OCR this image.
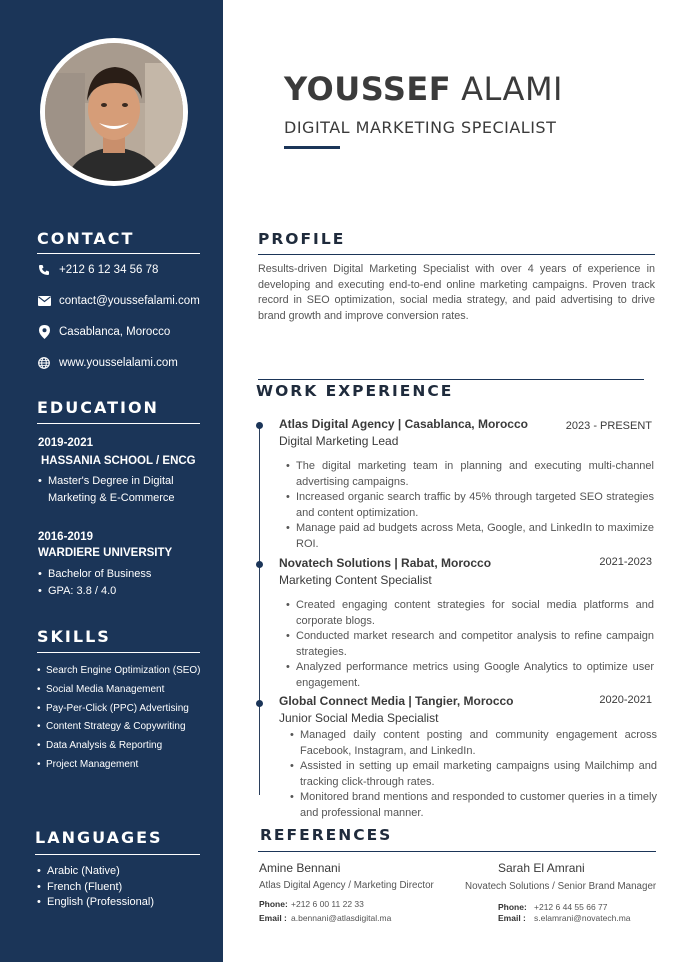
CONTACT
+212 6 12 34 56 78
contact@youssefalami.com
Casablanca, Morocco
www.yousselalami.com
EDUCATION
2019-2021
HASSANIA SCHOOL / ENCG
• Master's Degree in Digital Marketing & E-Commerce
2016-2019
WARDIERE UNIVERSITY
• Bachelor of Business
• GPA: 3.8 / 4.0
SKILLS
• Search Engine Optimization (SEO)
• Social Media Management
• Pay-Per-Click (PPC) Advertising
• Content Strategy & Copywriting
• Data Analysis & Reporting
• Project Management
LANGUAGES
• Arabic (Native)
• French (Fluent)
• English (Professional)
YOUSSEF ALAMI
DIGITAL MARKETING SPECIALIST
PROFILE
Results-driven Digital Marketing Specialist with over 4 years of experience in developing and executing end-to-end online marketing campaigns. Proven track record in SEO optimization, social media strategy, and paid advertising to drive brand growth and improve conversion rates.
WORK EXPERIENCE
Atlas Digital Agency | Casablanca, Morocco	2023 - PRESENT
Digital Marketing Lead
• The digital marketing team in planning and executing multi-channel advertising campaigns.
• Increased organic search traffic by 45% through targeted SEO strategies and content optimization.
• Manage paid ad budgets across Meta, Google, and LinkedIn to maximize ROI.
Novatech Solutions | Rabat, Morocco	2021-2023
Marketing Content Specialist
• Created engaging content strategies for social media platforms and corporate blogs.
• Conducted market research and competitor analysis to refine campaign strategies.
• Analyzed performance metrics using Google Analytics to optimize user engagement.
Global Connect Media | Tangier, Morocco	2020-2021
Junior Social Media Specialist
• Managed daily content posting and community engagement across Facebook, Instagram, and LinkedIn.
• Assisted in setting up email marketing campaigns using Mailchimp and tracking click-through rates.
• Monitored brand mentions and responded to customer queries in a timely and professional manner.
REFERENCES
Amine Bennani
Atlas Digital Agency / Marketing Director
Phone: +212 6 00 11 22 33
Email : a.bennani@atlasdigital.ma
Sarah El Amrani
Novatech Solutions / Senior Brand Manager
Phone: +212 6 44 55 66 77
Email : s.elamrani@novatech.ma
